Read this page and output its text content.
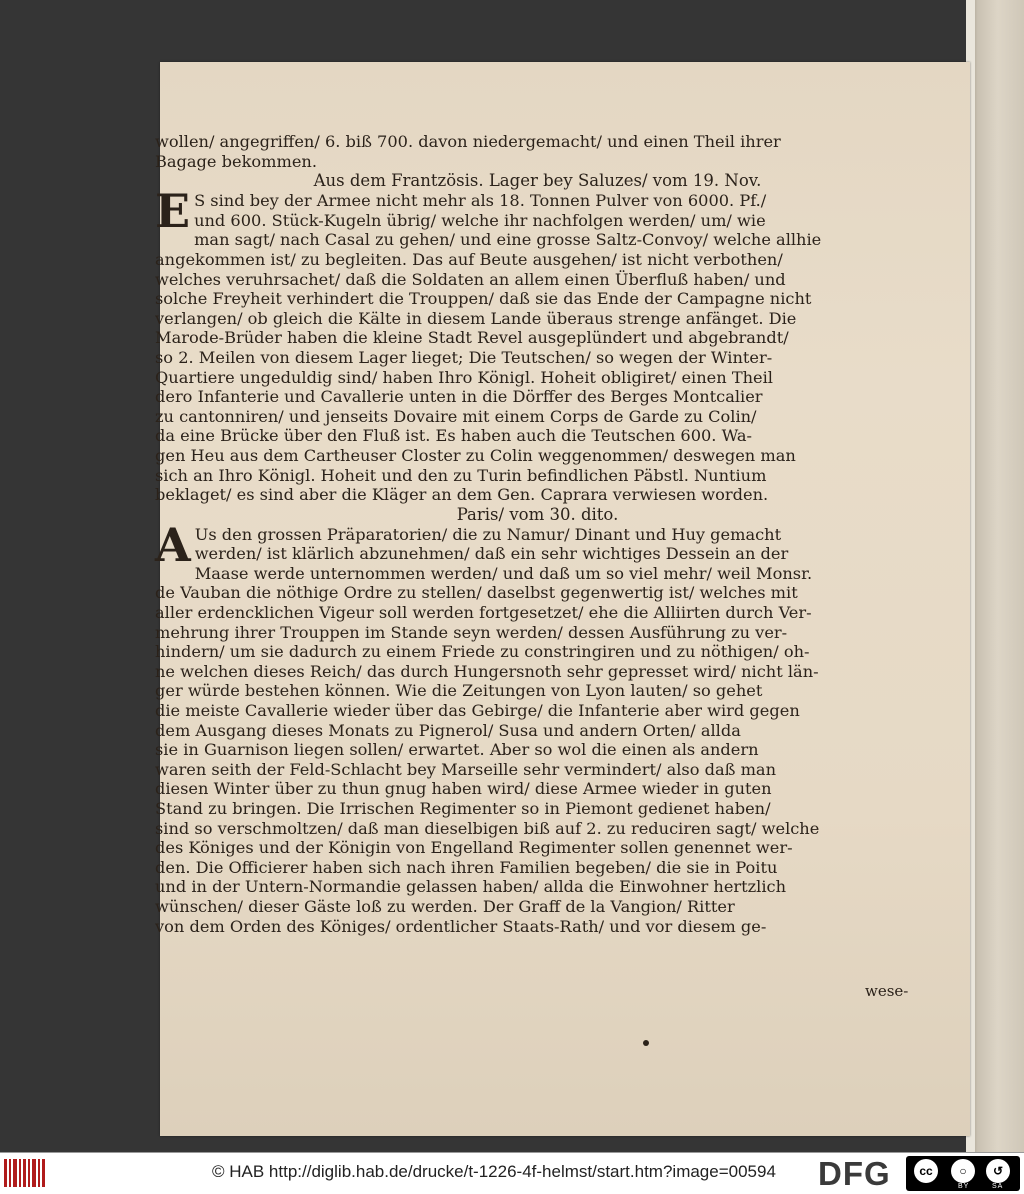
wollen/ angegriffen/ 6. biß 700. davon niedergemacht/ und einen Theil ihrer
Bagage bekommen.
Aus dem Frantzösis. Lager bey Saluzes/ vom 19. Nov.
E S sind bey der Armee nicht mehr als 18. Tonnen Pulver von 6000. Pf./
und 600. Stück-Kugeln übrig/ welche ihr nachfolgen werden/ um/ wie
man sagt/ nach Casal zu gehen/ und eine grosse Saltz-Convoy/ welche allhie
angekommen ist/ zu begleiten. Das auf Beute ausgehen/ ist nicht verbothen/
welches veruhrsachet/ daß die Soldaten an allem einen Überfluß haben/ und
solche Freyheit verhindert die Trouppen/ daß sie das Ende der Campagne nicht
verlangen/ ob gleich die Kälte in diesem Lande überaus strenge anfänget. Die
Marode-Brüder haben die kleine Stadt Revel ausgeplündert und abgebrandt/
so 2. Meilen von diesem Lager lieget; Die Teutschen/ so wegen der Winter-
Quartiere ungeduldig sind/ haben Ihro Königl. Hoheit obligiret/ einen Theil
dero Infanterie und Cavallerie unten in die Dörffer des Berges Montcalier
zu cantonniren/ und jenseits Dovaire mit einem Corps de Garde zu Colin/
da eine Brücke über den Fluß ist. Es haben auch die Teutschen 600. Wa-
gen Heu aus dem Cartheuser Closter zu Colin weggenommen/ deswegen man
sich an Ihro Königl. Hoheit und den zu Turin befindlichen Päbstl. Nuntium
beklaget/ es sind aber die Kläger an dem Gen. Caprara verwiesen worden.
Paris/ vom 30. dito.
A Us den grossen Präparatorien/ die zu Namur/ Dinant und Huy gemacht
werden/ ist klärlich abzunehmen/ daß ein sehr wichtiges Dessein an der
Maase werde unternommen werden/ und daß um so viel mehr/ weil Monsr.
de Vauban die nöthige Ordre zu stellen/ daselbst gegenwertig ist/ welches mit
aller erdencklichen Vigeur soll werden fortgesetzet/ ehe die Alliirten durch Ver-
mehrung ihrer Trouppen im Stande seyn werden/ dessen Ausführung zu ver-
hindern/ um sie dadurch zu einem Friede zu constringiren und zu nöthigen/ oh-
ne welchen dieses Reich/ das durch Hungersnoth sehr gepresset wird/ nicht län-
ger würde bestehen können. Wie die Zeitungen von Lyon lauten/ so gehet
die meiste Cavallerie wieder über das Gebirge/ die Infanterie aber wird gegen
dem Ausgang dieses Monats zu Pignerol/ Susa und andern Orten/ allda
sie in Guarnison liegen sollen/ erwartet. Aber so wol die einen als andern
waren seith der Feld-Schlacht bey Marseille sehr vermindert/ also daß man
diesen Winter über zu thun gnug haben wird/ diese Armee wieder in guten
Stand zu bringen. Die Irrischen Regimenter so in Piemont gedienet haben/
sind so verschmoltzen/ daß man dieselbigen biß auf 2. zu reduciren sagt/ welche
des Königes und der Königin von Engelland Regimenter sollen genennet wer-
den. Die Officierer haben sich nach ihren Familien begeben/ die sie in Poitu
und in der Untern-Normandie gelassen haben/ allda die Einwohner hertzlich
wünschen/ dieser Gäste loß zu werden. Der Graff de la Vangion/ Ritter
von dem Orden des Königes/ ordentlicher Staats-Rath/ und vor diesem ge-
wese-
© HAB http://diglib.hab.de/drucke/t-1226-4f-helmst/start.htm?image=00594 DFG	cc	○	↺
BY	SA
